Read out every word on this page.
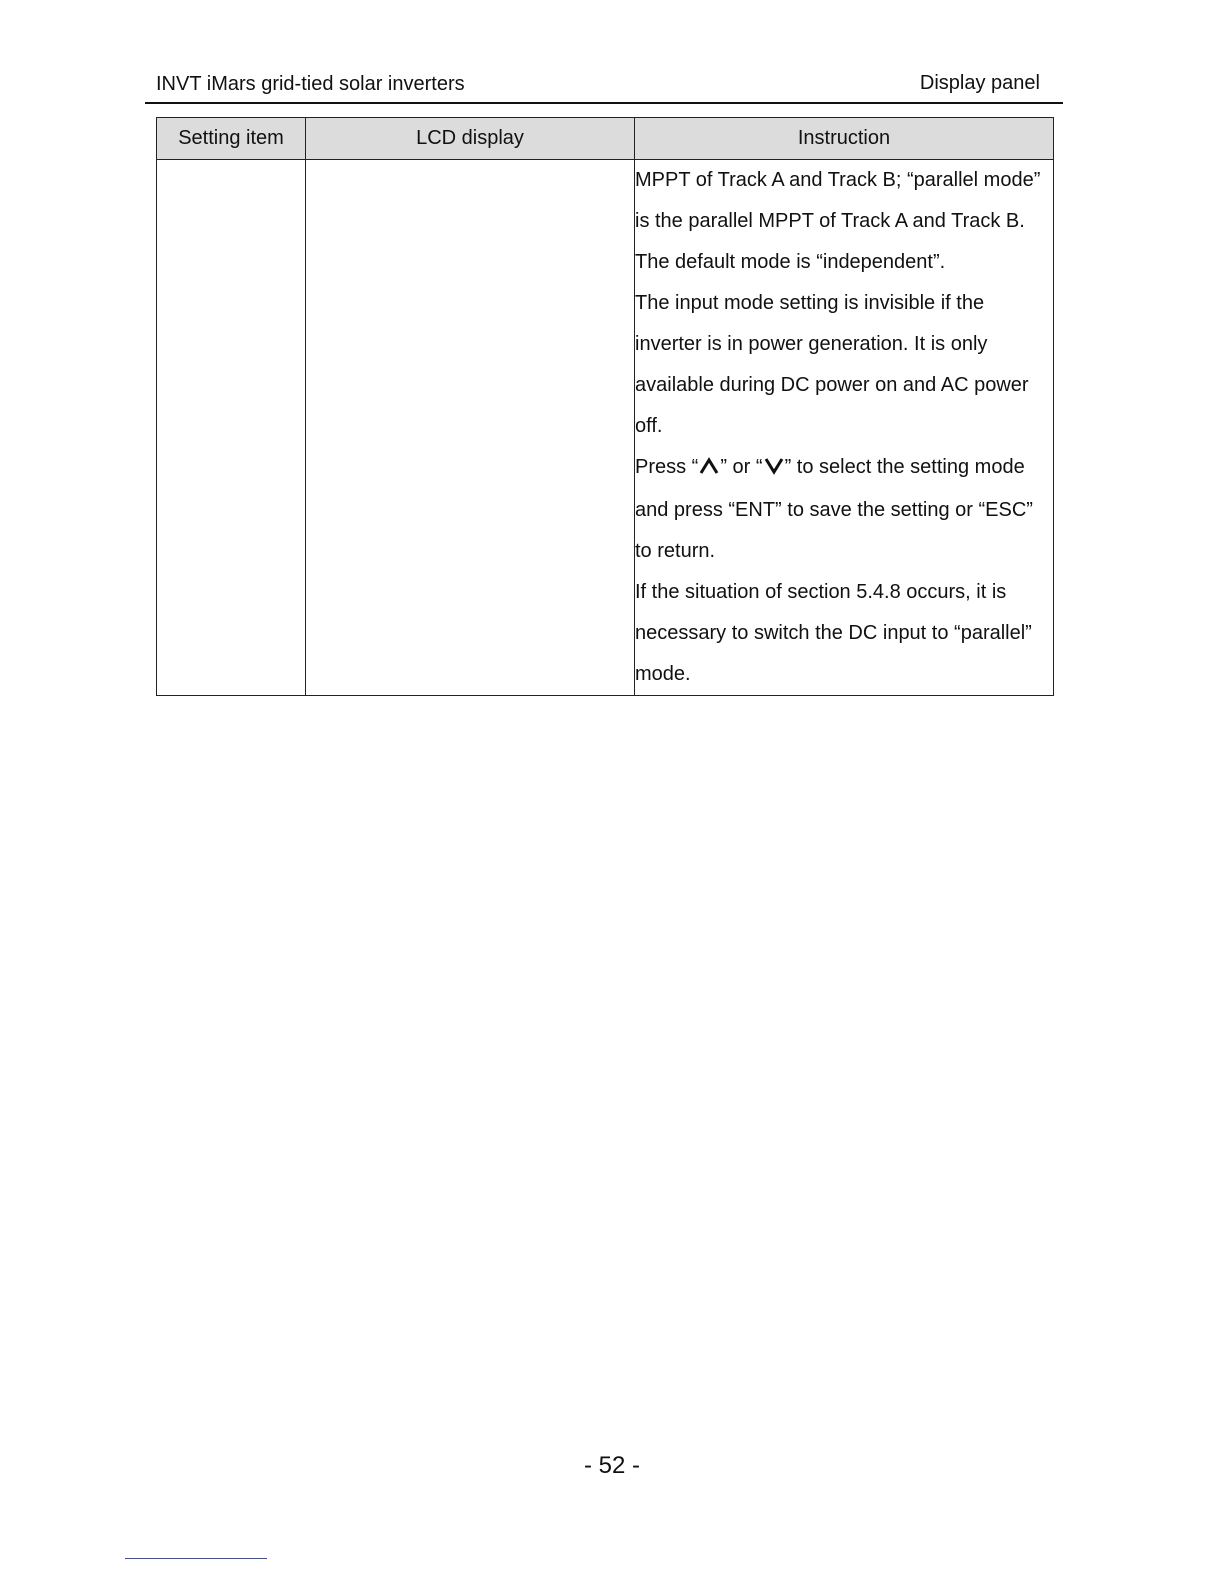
INVT iMars grid-tied solar inverters	Display panel
Setting item	LCD display	Instruction

		MPPT of Track A and Track B; “parallel mode” is the parallel MPPT of Track A and Track B.

The default mode is “independent”.

The input mode setting is invisible if the inverter is in power generation. It is only available during DC power on and AC power off.

Press “ ” or “ ” to select the setting mode and press “ENT” to save the setting or “ESC” to return.

If the situation of section 5.4.8 occurs, it is necessary to switch the DC input to “parallel” mode.

- 52 -
